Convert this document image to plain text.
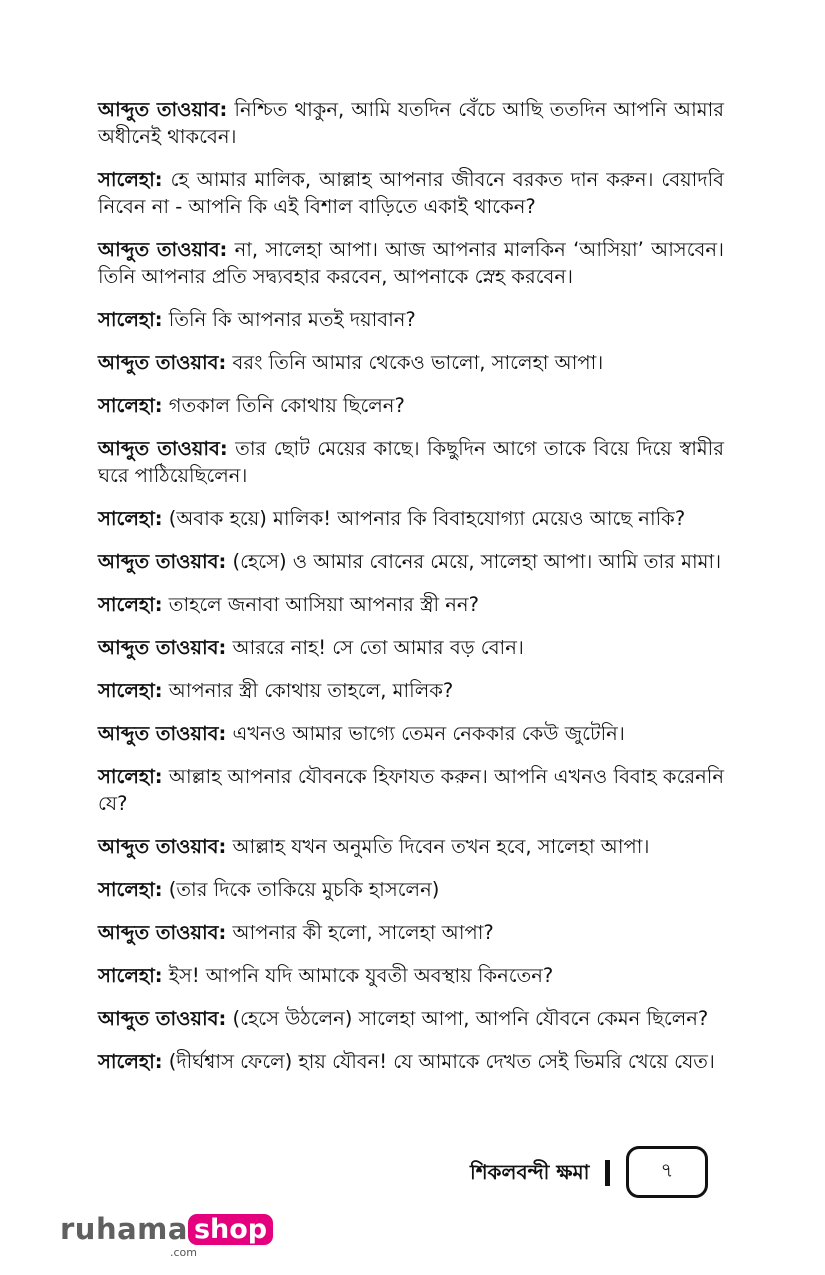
আব্দুত তাওয়াব: নিশ্চিত থাকুন, আমি যতদিন বেঁচে আছি ততদিন আপনি আমার অধীনেই থাকবেন।

সালেহা: হে আমার মালিক, আল্লাহ আপনার জীবনে বরকত দান করুন। বেয়াদবি নিবেন না - আপনি কি এই বিশাল বাড়িতে একাই থাকেন?

আব্দুত তাওয়াব: না, সালেহা আপা। আজ আপনার মালকিন ‘আসিয়া’ আসবেন। তিনি আপনার প্রতি সদ্ব্যবহার করবেন, আপনাকে স্নেহ করবেন।

সালেহা: তিনি কি আপনার মতই দয়াবান?

আব্দুত তাওয়াব: বরং তিনি আমার থেকেও ভালো, সালেহা আপা।

সালেহা: গতকাল তিনি কোথায় ছিলেন?

আব্দুত তাওয়াব: তার ছোট মেয়ের কাছে। কিছুদিন আগে তাকে বিয়ে দিয়ে স্বামীর ঘরে পাঠিয়েছিলেন।

সালেহা: (অবাক হয়ে) মালিক! আপনার কি বিবাহযোগ্যা মেয়েও আছে নাকি?

আব্দুত তাওয়াব: (হেসে) ও আমার বোনের মেয়ে, সালেহা আপা। আমি তার মামা।

সালেহা: তাহলে জনাবা আসিয়া আপনার স্ত্রী নন?

আব্দুত তাওয়াব: আররে নাহ! সে তো আমার বড় বোন।

সালেহা: আপনার স্ত্রী কোথায় তাহলে, মালিক?

আব্দুত তাওয়াব: এখনও আমার ভাগ্যে তেমন নেককার কেউ জুটেনি।

সালেহা: আল্লাহ আপনার যৌবনকে হিফাযত করুন। আপনি এখনও বিবাহ করেননি যে?

আব্দুত তাওয়াব: আল্লাহ যখন অনুমতি দিবেন তখন হবে, সালেহা আপা।

সালেহা: (তার দিকে তাকিয়ে মুচকি হাসলেন)

আব্দুত তাওয়াব: আপনার কী হলো, সালেহা আপা?

সালেহা: ইস! আপনি যদি আমাকে যুবতী অবস্থায় কিনতেন?

আব্দুত তাওয়াব: (হেসে উঠলেন) সালেহা আপা, আপনি যৌবনে কেমন ছিলেন?

সালেহা: (দীর্ঘশ্বাস ফেলে) হায় যৌবন! যে আমাকে দেখত সেই ভিমরি খেয়ে যেত।

শিকলবন্দী ক্ষমা	৭
ruhama shop
.com
